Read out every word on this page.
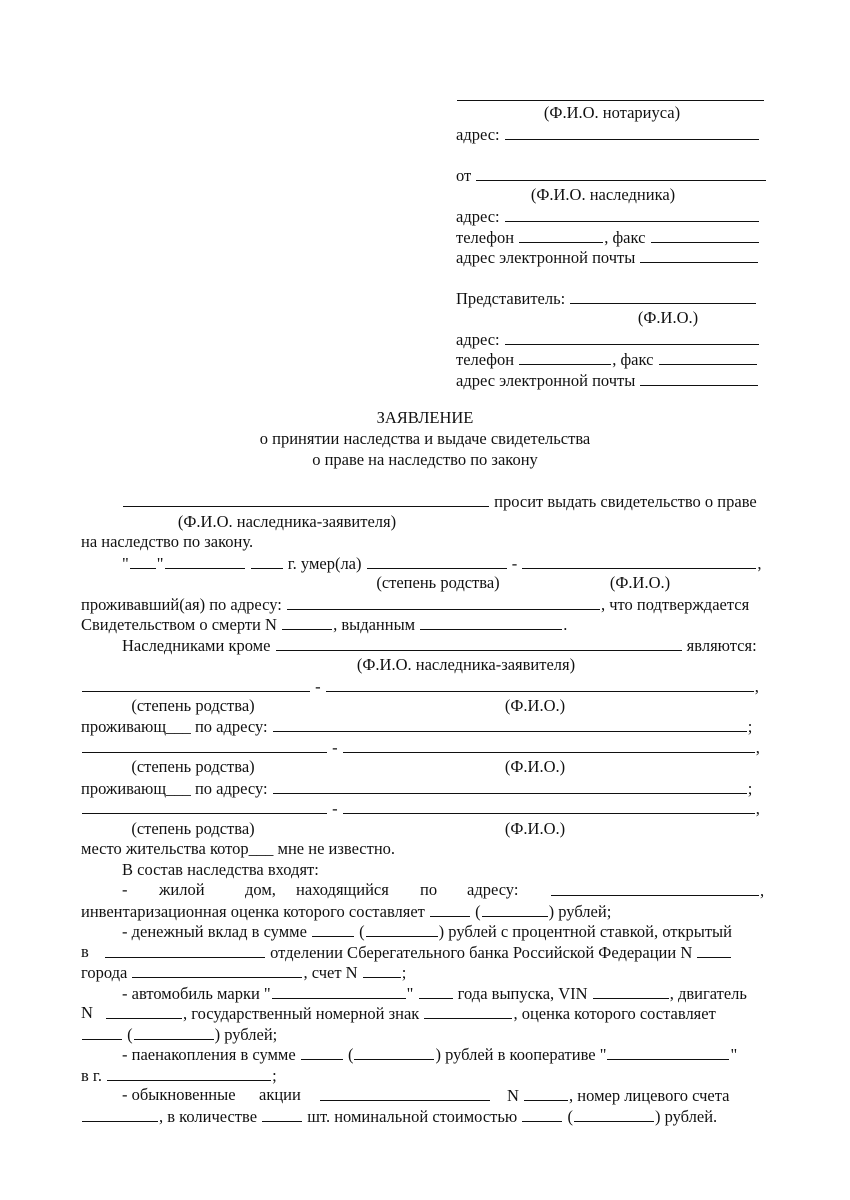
(Ф.И.О. нотариуса)
адрес:
от
(Ф.И.О. наследника)
адрес:
телефон	, факс
адрес электронной почты
Представитель:
(Ф.И.О.)
адрес:
телефон	, факс
адрес электронной почты
ЗАЯВЛЕНИЕ
о принятии наследства и выдаче свидетельства
о праве на наследство по закону
просит выдать свидетельство о праве
(Ф.И.О. наследника-заявителя)
на наследство по закону.
" "	г. умер(ла)	-	,
(степень родства)	(Ф.И.О.)
проживавший(ая) по адресу:	, что подтверждается
Свидетельством о смерти N	, выданным	.
Наследниками кроме	являются:
(Ф.И.О. наследника-заявителя)
-	,
(степень родства)	(Ф.И.О.)
проживающ___ по адресу:	;
-	,
(степень родства)	(Ф.И.О.)
проживающ___ по адресу:	;
-	,
(степень родства)	(Ф.И.О.)
место жительства котор___ мне не известно.
В состав наследства входят:
- жилой дом, находящийся по адресу:	,
инвентаризационная оценка которого составляет	(	) рублей;
- денежный вклад в сумме	(	) рублей с процентной ставкой, открытый
в	отделении Сберегательного банка Российской Федерации N
города	, счет N	;
- автомобиль марки "	"	года выпуска, VIN	, двигатель
N	, государственный номерной знак	, оценка которого составляет
(	) рублей;
- паенакопления в сумме	(	) рублей в кооперативе "	"
в г.	;
- обыкновенные акции	N	, номер лицевого счета
, в количестве	шт. номинальной стоимостью	(	) рублей.
